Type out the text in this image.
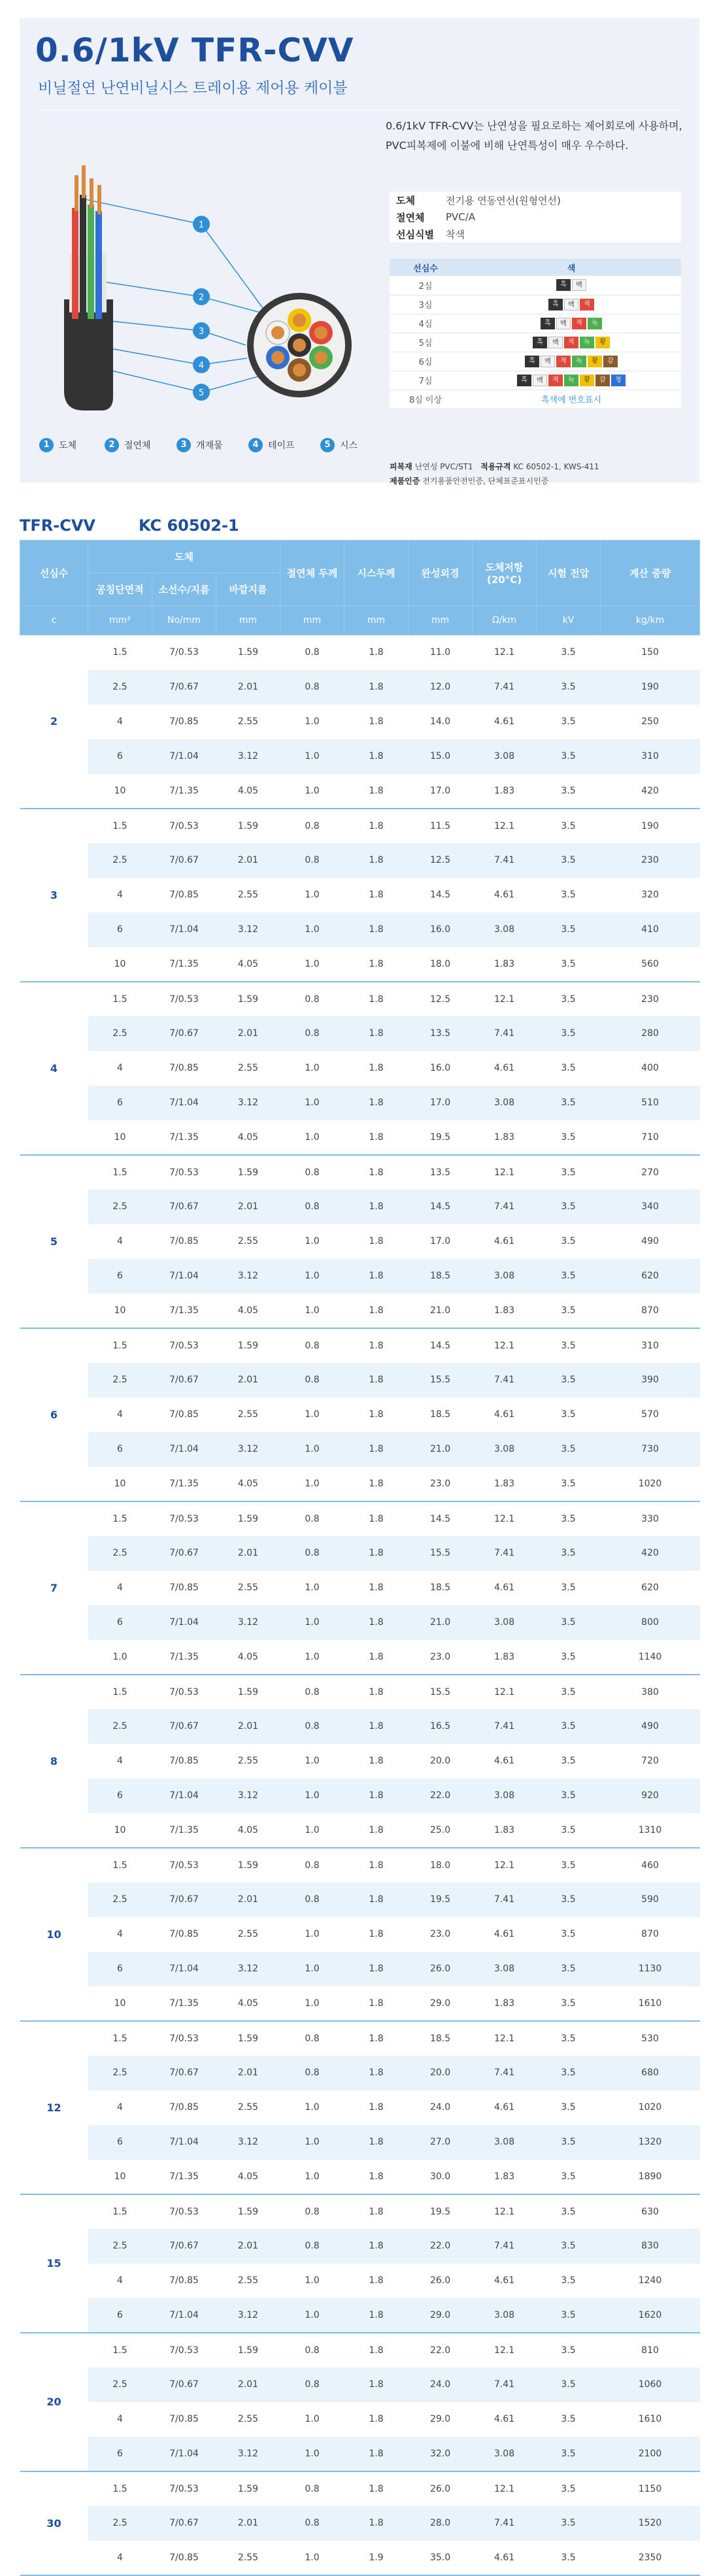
0.6/1kV TFR-CVV
비닐절연 난연비닐시스 트레이용 제어용 케이블
1
2
3
4
5
1	도체	2	절연체	3	개재물	4	테이프	5	시스
0.6/1kV TFR-CVV는 난연성을 필요로하는 제어회로에 사용하며, PVC피복제에 이불에 비해 난연특성이 매우 우수하다.
도체	전기용 연동연선(원형연선)
절연체	PVC/A
선심식별	착색
선심수	색
2심	흑 백
3심	흑 백 적
4심	흑 백 적 녹
5심	흑 백 적 녹 황
6심	흑 백 적 녹 황 갈
7심	흑 백 적 녹 황 갈 청
8심 이상	흑색에 번호표시
피복재 난연성 PVC/ST1 적용규격 KC 60502-1, KWS-411
제품인증 전기용품안전인증, 단체표준표시인증
TFR-CVV	KC 60502-1
선심수	도체			절연체 두께	시스두께	완성외경	도체저항 (20°C)	시험 전압	계산 중량
	공칭단면적	소선수/지름	바깥지름						
c	mm²	No/mm	mm	mm	mm	mm	Ω/km	kV	kg/km
2	1.5	7/0.53	1.59	0.8	1.8	11.0	12.1	3.5	150
	2.5	7/0.67	2.01	0.8	1.8	12.0	7.41	3.5	190
	4	7/0.85	2.55	1.0	1.8	14.0	4.61	3.5	250
	6	7/1.04	3.12	1.0	1.8	15.0	3.08	3.5	310
	10	7/1.35	4.05	1.0	1.8	17.0	1.83	3.5	420
3	1.5	7/0.53	1.59	0.8	1.8	11.5	12.1	3.5	190
	2.5	7/0.67	2.01	0.8	1.8	12.5	7.41	3.5	230
	4	7/0.85	2.55	1.0	1.8	14.5	4.61	3.5	320
	6	7/1.04	3.12	1.0	1.8	16.0	3.08	3.5	410
	10	7/1.35	4.05	1.0	1.8	18.0	1.83	3.5	560
4	1.5	7/0.53	1.59	0.8	1.8	12.5	12.1	3.5	230
	2.5	7/0.67	2.01	0.8	1.8	13.5	7.41	3.5	280
	4	7/0.85	2.55	1.0	1.8	16.0	4.61	3.5	400
	6	7/1.04	3.12	1.0	1.8	17.0	3.08	3.5	510
	10	7/1.35	4.05	1.0	1.8	19.5	1.83	3.5	710
5	1.5	7/0.53	1.59	0.8	1.8	13.5	12.1	3.5	270
	2.5	7/0.67	2.01	0.8	1.8	14.5	7.41	3.5	340
	4	7/0.85	2.55	1.0	1.8	17.0	4.61	3.5	490
	6	7/1.04	3.12	1.0	1.8	18.5	3.08	3.5	620
	10	7/1.35	4.05	1.0	1.8	21.0	1.83	3.5	870
6	1.5	7/0.53	1.59	0.8	1.8	14.5	12.1	3.5	310
	2.5	7/0.67	2.01	0.8	1.8	15.5	7.41	3.5	390
	4	7/0.85	2.55	1.0	1.8	18.5	4.61	3.5	570
	6	7/1.04	3.12	1.0	1.8	21.0	3.08	3.5	730
	10	7/1.35	4.05	1.0	1.8	23.0	1.83	3.5	1020
7	1.5	7/0.53	1.59	0.8	1.8	14.5	12.1	3.5	330
	2.5	7/0.67	2.01	0.8	1.8	15.5	7.41	3.5	420
	4	7/0.85	2.55	1.0	1.8	18.5	4.61	3.5	620
	6	7/1.04	3.12	1.0	1.8	21.0	3.08	3.5	800
	1.0	7/1.35	4.05	1.0	1.8	23.0	1.83	3.5	1140
8	1.5	7/0.53	1.59	0.8	1.8	15.5	12.1	3.5	380
	2.5	7/0.67	2.01	0.8	1.8	16.5	7.41	3.5	490
	4	7/0.85	2.55	1.0	1.8	20.0	4.61	3.5	720
	6	7/1.04	3.12	1.0	1.8	22.0	3.08	3.5	920
	10	7/1.35	4.05	1.0	1.8	25.0	1.83	3.5	1310
10	1.5	7/0.53	1.59	0.8	1.8	18.0	12.1	3.5	460
	2.5	7/0.67	2.01	0.8	1.8	19.5	7.41	3.5	590
	4	7/0.85	2.55	1.0	1.8	23.0	4.61	3.5	870
	6	7/1.04	3.12	1.0	1.8	26.0	3.08	3.5	1130
	10	7/1.35	4.05	1.0	1.8	29.0	1.83	3.5	1610
12	1.5	7/0.53	1.59	0.8	1.8	18.5	12.1	3.5	530
	2.5	7/0.67	2.01	0.8	1.8	20.0	7.41	3.5	680
	4	7/0.85	2.55	1.0	1.8	24.0	4.61	3.5	1020
	6	7/1.04	3.12	1.0	1.8	27.0	3.08	3.5	1320
	10	7/1.35	4.05	1.0	1.8	30.0	1.83	3.5	1890
15	1.5	7/0.53	1.59	0.8	1.8	19.5	12.1	3.5	630
	2.5	7/0.67	2.01	0.8	1.8	22.0	7.41	3.5	830
	4	7/0.85	2.55	1.0	1.8	26.0	4.61	3.5	1240
	6	7/1.04	3.12	1.0	1.8	29.0	3.08	3.5	1620
20	1.5	7/0.53	1.59	0.8	1.8	22.0	12.1	3.5	810
	2.5	7/0.67	2.01	0.8	1.8	24.0	7.41	3.5	1060
	4	7/0.85	2.55	1.0	1.8	29.0	4.61	3.5	1610
	6	7/1.04	3.12	1.0	1.8	32.0	3.08	3.5	2100
30	1.5	7/0.53	1.59	0.8	1.8	26.0	12.1	3.5	1150
	2.5	7/0.67	2.01	0.8	1.8	28.0	7.41	3.5	1520
	4	7/0.85	2.55	1.0	1.9	35.0	4.61	3.5	2350
